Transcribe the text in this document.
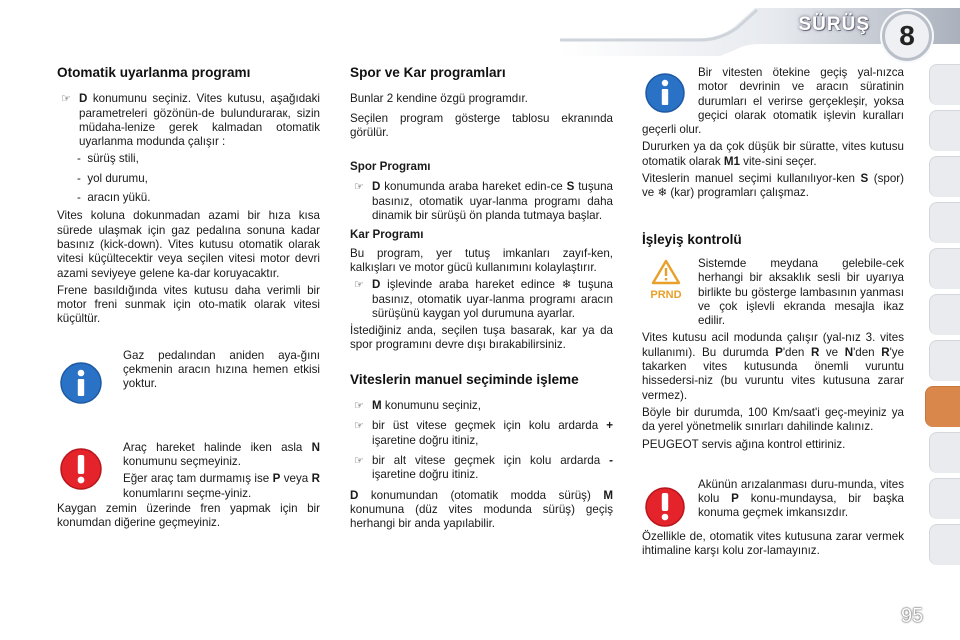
SÜRÜŞ	8
Otomatik uyarlanma programı
☞ D konumunu seçiniz. Vites kutusu, aşağıdaki parametreleri gözönün-de bulunduraraк, sizin müdaha-lenize gerek kalmadan otomatik uyarlanma modunda çalışır :
-  sürüş stili,
-  yol durumu,
-  aracın yükü.

Vites koluna dokunmadan azami bir hıza kısa sürede ulaşmak için gaz pedalına sonuna kadar basınız (kick-down). Vites kutusu otomatik olarak vitesi küçültecektir veya seçilen vitesi motor devri azami seviyeye gelene ka-dar koruyacaktır.

Frene basıldığında vites kutusu daha verimli bir motor freni sunmak için oto-matik olarak vitesi küçültür.

Gaz pedalından aniden aya-ğını çekmenin aracın hızına hemen etkisi yoktur.

Araç hareket halinde iken asla N konumunu seçmeyiniz.

Eğer araç tam durmamış ise P veya R konumlarını seçme-yiniz.

Kaygan zemin üzerinde fren yapmak için bir konumdan diğerine geçmeyiniz.

Spor ve Kar programları

Bunlar 2 kendine özgü programdır.

Seçilen program gösterge tablosu ekranında görülür.

Spor Programı
☞ D konumunda araba hareket edin-ce S tuşuna basınız, otomatik uyar-lanma programı daha dinamik bir sürüşü ön planda tutmaya başlar.
Kar Programı

Bu program, yer tutuş imkanları zayıf-ken, kalkışları ve motor gücü kullanımını kolaylaştırır.

☞ D işlevinde araba hareket edince ❄ tuşuna basınız, otomatik uyar-lanma programı aracın sürüşünü kaygan yol durumuna ayarlar.

İstediğiniz anda, seçilen tuşa basarak, kar ya da spor programını devre dışı bırakabilirsiniz.

Viteslerin manuel seçiminde işleme
☞ M konumunu seçiniz,
☞ bir üst vitese geçmek için kolu ardarda + işaretine doğru itiniz,
☞ bir alt vitese geçmek için kolu ardarda - işaretine doğru itiniz.

D konumundan (otomatik modda sürüş) M konumuna (düz vites modunda sürüş) geçiş herhangi bir anda yapılabilir.

Bir vitesten ötekine geçiş yal-nızca motor devrinin ve aracın süratinin durumları el verirse gerçekleşir, yoksa geçici olarak otomatik işlevin kuralları geçerli olur.

Dururken ya da çok düşük bir süratte, vites kutusu otomatik olarak M1 vite-sini seçer.

Viteslerin manuel seçimi kullanılıyor-ken S (spor) ve ❄ (kar) programları çalışmaz.

İşleyiş kontrolü
PRND

Sistemde meydana gelebile-cek herhangi bir aksaklık sesli bir uyarıya birlikte bu gösterge lambasının yanması ve çok işlevli ekranda mesajla ikaz edilir.

Vites kutusu acil modunda çalışır (yal-nız 3. vites kullanımı). Bu durumda P'den R ve N'den R'ye takarken vites kutusunda önemli vuruntu hissedersi-niz (bu vuruntu vites kutusuna zarar vermez).

Böyle bir durumda, 100 Km/saat'i geç-meyiniz ya da yerel yönetmelik sınırları dahilinde kalınız.

PEUGEOT servis ağına kontrol ettiriniz.

Akünün arızalanması duru-munda, vites kolu P konu-mundaysa, bir başka konuma geçmek imkansızdır.

Özellikle de, otomatik vites kutusuna zarar vermek ihtimaline karşı kolu zor-lamayınız.

95
